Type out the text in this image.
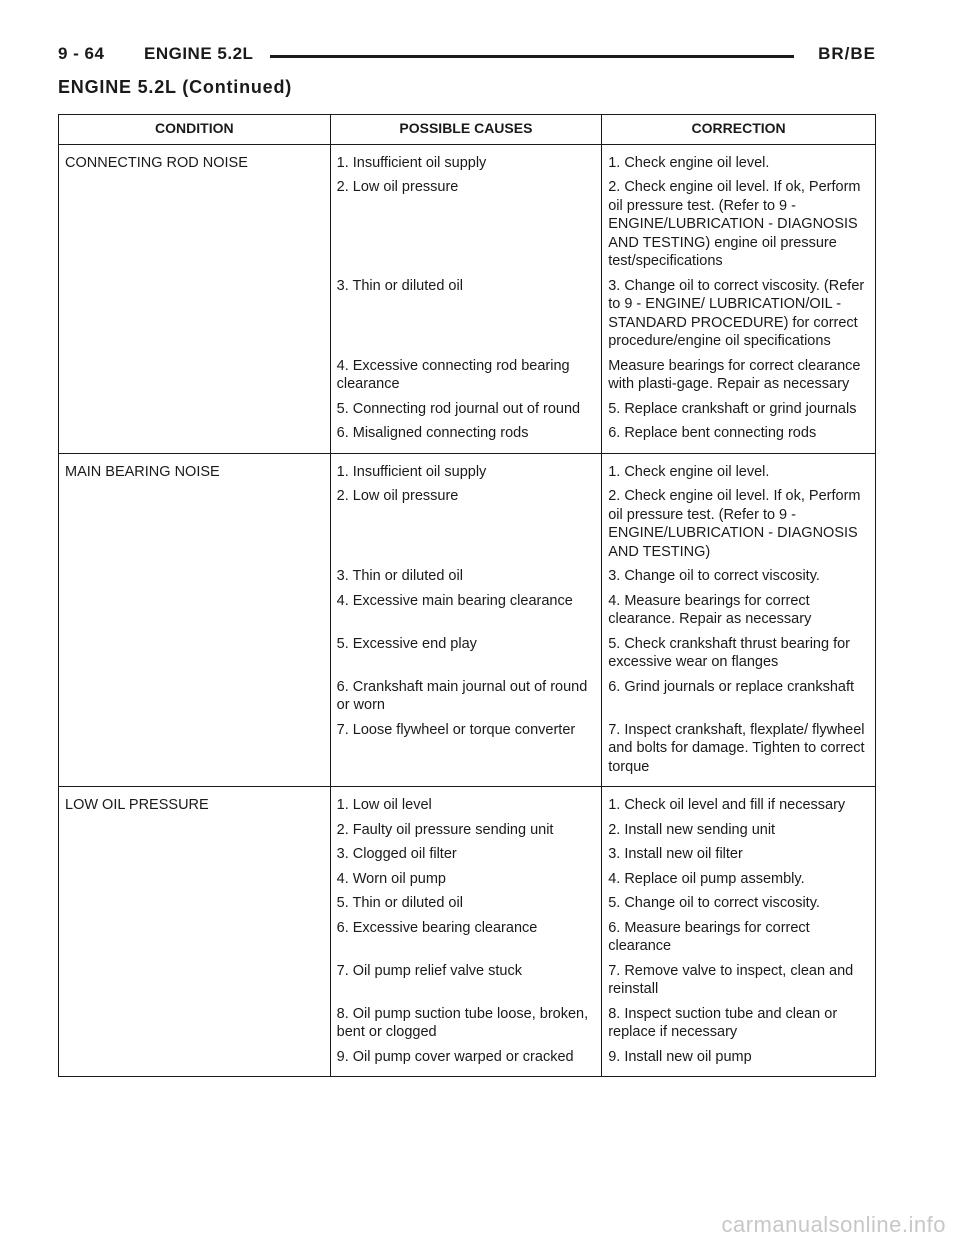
9 - 64 ENGINE 5.2L	BR/BE
ENGINE 5.2L (Continued)
CONDITION	POSSIBLE CAUSES	CORRECTION
CONNECTING ROD NOISE	1. Insufficient oil supply	1. Check engine oil level.
	2. Low oil pressure	2. Check engine oil level. If ok, Perform oil pressure test. (Refer to 9 - ENGINE/LUBRICATION - DIAGNOSIS AND TESTING) engine oil pressure test/specifications
	3. Thin or diluted oil	3. Change oil to correct viscosity. (Refer to 9 - ENGINE/ LUBRICATION/OIL - STANDARD PROCEDURE) for correct procedure/engine oil specifications
	4. Excessive connecting rod bearing clearance	Measure bearings for correct clearance with plasti-gage. Repair as necessary
	5. Connecting rod journal out of round	5. Replace crankshaft or grind journals
	6. Misaligned connecting rods	6. Replace bent connecting rods
MAIN BEARING NOISE	1. Insufficient oil supply	1. Check engine oil level.
	2. Low oil pressure	2. Check engine oil level. If ok, Perform oil pressure test. (Refer to 9 - ENGINE/LUBRICATION - DIAGNOSIS AND TESTING)
	3. Thin or diluted oil	3. Change oil to correct viscosity.
	4. Excessive main bearing clearance	4. Measure bearings for correct clearance. Repair as necessary
	5. Excessive end play	5. Check crankshaft thrust bearing for excessive wear on flanges
	6. Crankshaft main journal out of round or worn	6. Grind journals or replace crankshaft
	7. Loose flywheel or torque converter	7. Inspect crankshaft, flexplate/ flywheel and bolts for damage. Tighten to correct torque
LOW OIL PRESSURE	1. Low oil level	1. Check oil level and fill if necessary
	2. Faulty oil pressure sending unit	2. Install new sending unit
	3. Clogged oil filter	3. Install new oil filter
	4. Worn oil pump	4. Replace oil pump assembly.
	5. Thin or diluted oil	5. Change oil to correct viscosity.
	6. Excessive bearing clearance	6. Measure bearings for correct clearance
	7. Oil pump relief valve stuck	7. Remove valve to inspect, clean and reinstall
	8. Oil pump suction tube loose, broken, bent or clogged	8. Inspect suction tube and clean or replace if necessary
	9. Oil pump cover warped or cracked	9. Install new oil pump
carmanualsonline.info
